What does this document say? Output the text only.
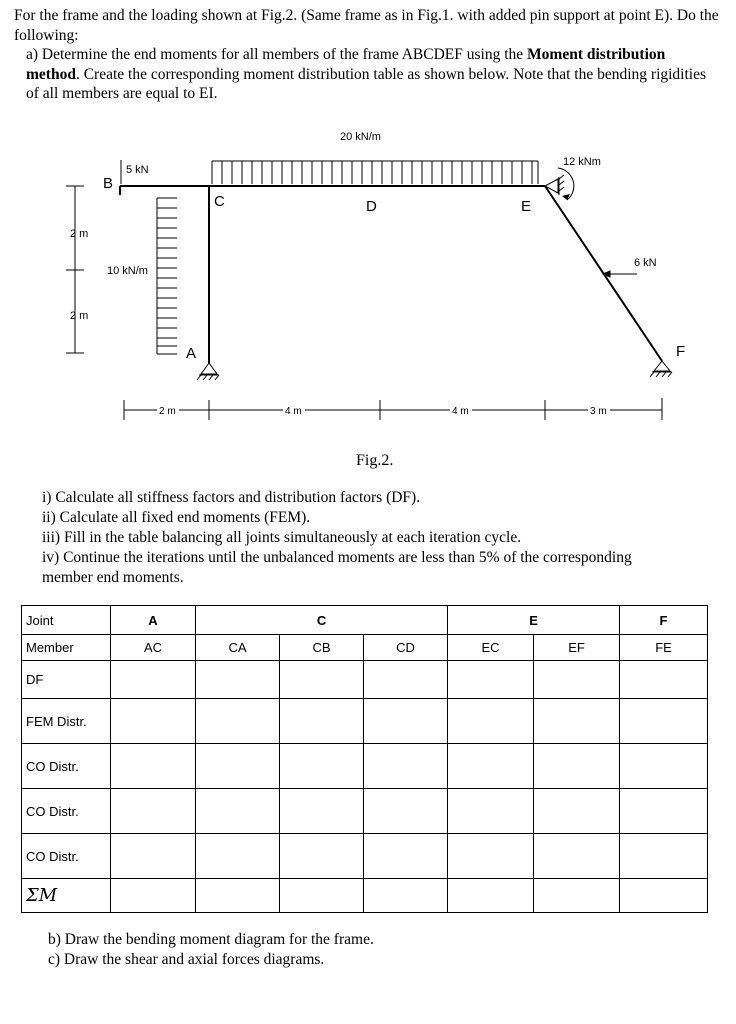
For the frame and the loading shown at Fig.2. (Same frame as in Fig.1. with added pin support at point E). Do the following:

a) Determine the end moments for all members of the frame ABCDEF using the Moment distribution method. Create the corresponding moment distribution table as shown below. Note that the bending rigidities of all members are equal to EI.

20 kN/m
5 kN
10 kN/m
12 kNm
6 kN
2 m
2 m
2 m	4 m	4 m	3 m
B
C	D	E
A	F
Fig.2.
i) Calculate all stiffness factors and distribution factors (DF).
ii) Calculate all fixed end moments (FEM).
iii) Fill in the table balancing all joints simultaneously at each iteration cycle.
iv) Continue the iterations until the unbalanced moments are less than 5% of the corresponding member end moments.
Joint	A	C			E		F
Member	AC	CA	CB	CD	EC	EF	FE
DF							
FEM Distr.							
CO Distr.							
CO Distr.							
CO Distr.							
ΣM							
b) Draw the bending moment diagram for the frame.
c) Draw the shear and axial forces diagrams.
